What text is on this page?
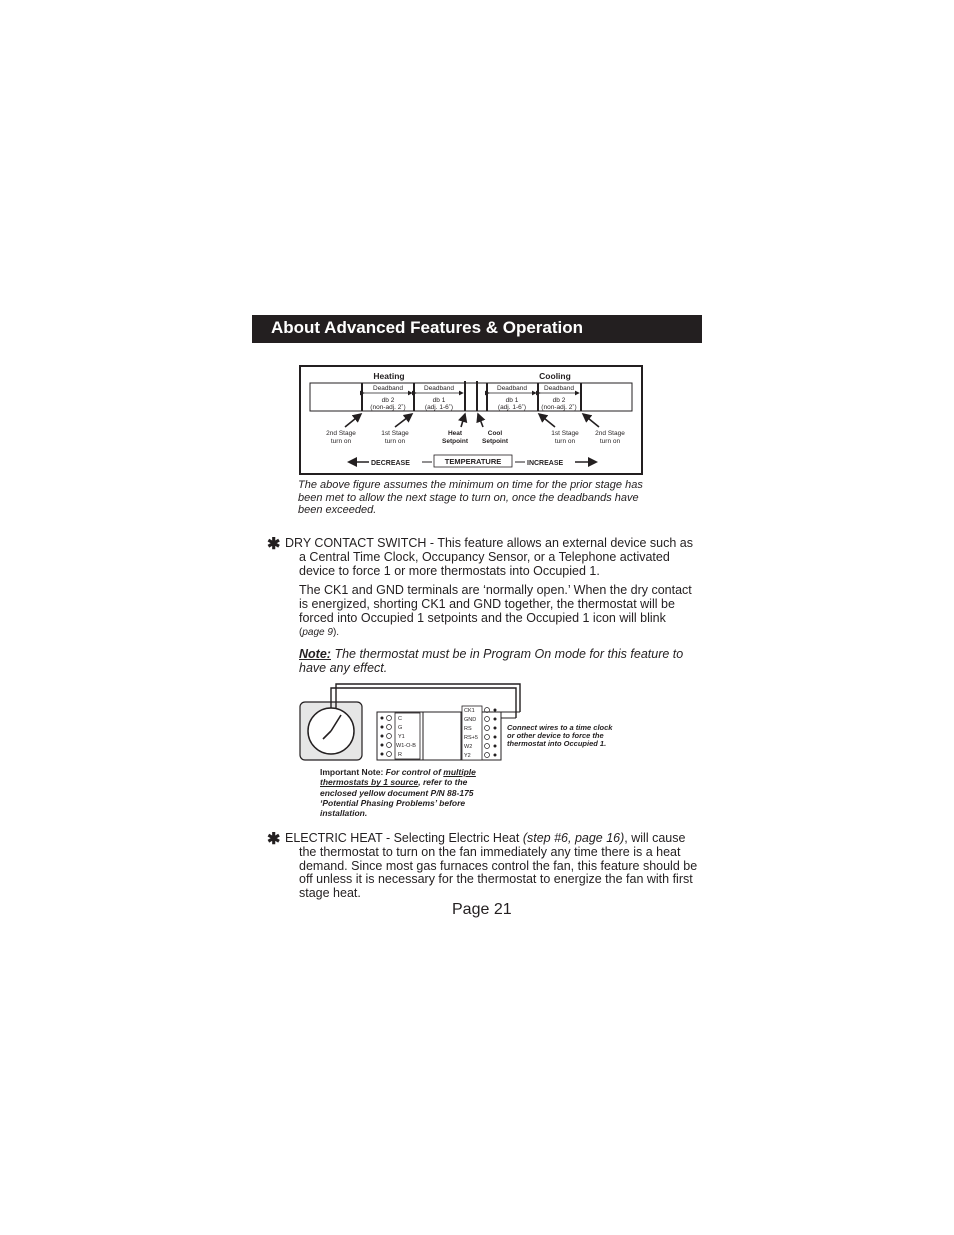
About Advanced Features & Operation
Heating	Cooling
Deadband	Deadband	Deadband	Deadband
db 2
(non-adj. 2˚)
db 1
(adj. 1-6˚)
db 1
(adj. 1-6˚)
db 2
(non-adj. 2˚)
2nd Stage
turn on
1st Stage
turn on
Heat
Setpoint
Cool
Setpoint
1st Stage
turn on
2nd Stage
turn on
DECREASE	TEMPERATURE	INCREASE
The above figure assumes the minimum on time for the prior stage has been met to allow the next stage to turn on, once the deadbands have been exceeded.
✱ DRY CONTACT SWITCH - This feature allows an external device such as a Central Time Clock, Occupancy Sensor, or a Telephone activated device to force 1 or more thermostats into Occupied 1.
The CK1 and GND terminals are ‘normally open.’ When the dry contact is energized, shorting CK1 and GND together, the thermostat will be forced into Occupied 1 setpoints and the Occupied 1 icon will blink (page 9).
Note: The thermostat must be in Program On mode for this feature to have any effect.
C
G
Y1
W1-O-B
R
CK1
GND
RS
RS+5
W2
Y2
Connect wires to a time clock or other device to force the thermostat into Occupied 1.
Important Note: For control of multiple thermostats by 1 source, refer to the enclosed yellow document P/N 88-175 ‘Potential Phasing Problems’ before installation.
✱ ELECTRIC HEAT - Selecting Electric Heat (step #6, page 16), will cause the thermostat to turn on the fan immediately any time there is a heat demand. Since most gas furnaces control the fan, this feature should be off unless it is necessary for the thermostat to energize the fan with first stage heat.
Page 21
